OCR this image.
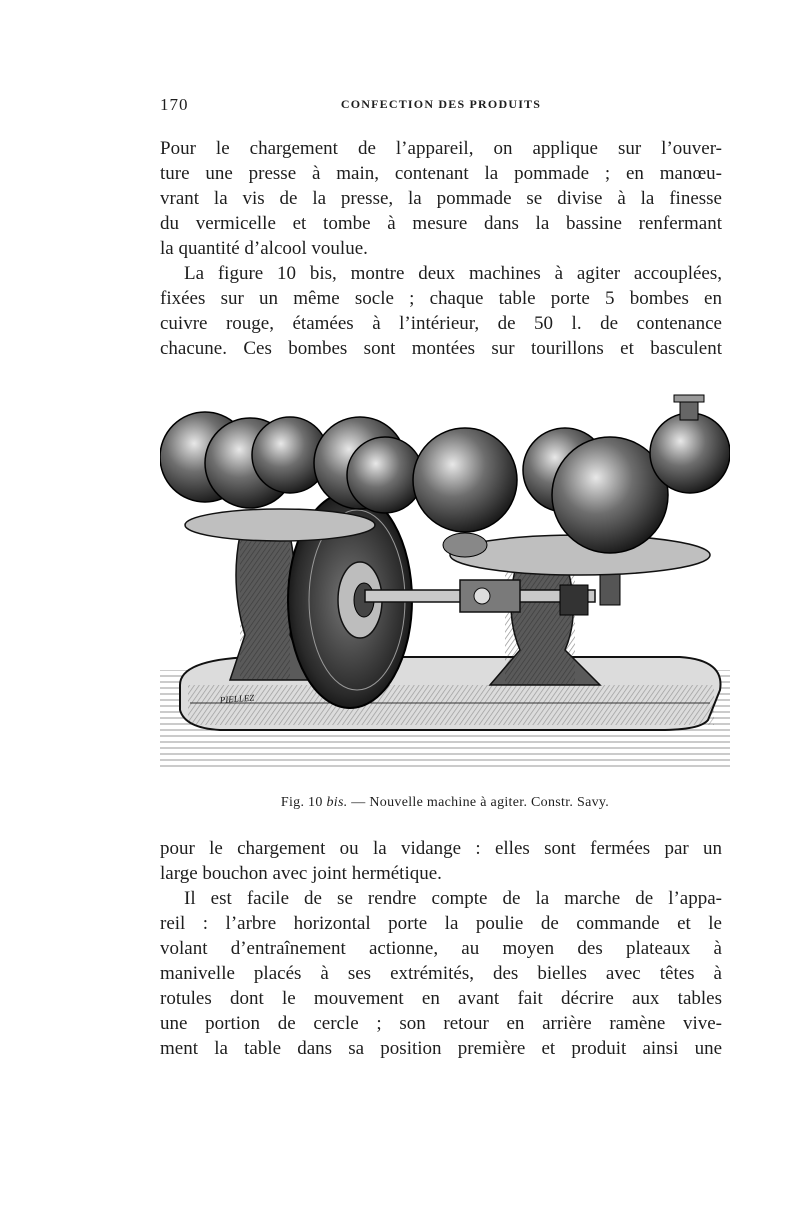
170	CONFECTION DES PRODUITS
Pour le chargement de l’appareil, on applique sur l’ouver-
ture une presse à main, contenant la pommade ; en manœu-
vrant la vis de la presse, la pommade se divise à la finesse
du vermicelle et tombe à mesure dans la bassine renfermant
la quantité d’alcool voulue.
La figure 10 bis, montre deux machines à agiter accouplées,
fixées sur un même socle ; chaque table porte 5 bombes en
cuivre rouge, étamées à l’intérieur, de 50 l. de contenance
chacune. Ces bombes sont montées sur tourillons et basculent
PIELLEZ
Fig. 10 bis. — Nouvelle machine à agiter. Constr. Savy.
pour le chargement ou la vidange : elles sont fermées par un
large bouchon avec joint hermétique.
Il est facile de se rendre compte de la marche de l’appa-
reil : l’arbre horizontal porte la poulie de commande et le
volant d’entraînement actionne, au moyen des plateaux à
manivelle placés à ses extrémités, des bielles avec têtes à
rotules dont le mouvement en avant fait décrire aux tables
une portion de cercle ; son retour en arrière ramène vive-
ment la table dans sa position première et produit ainsi une
